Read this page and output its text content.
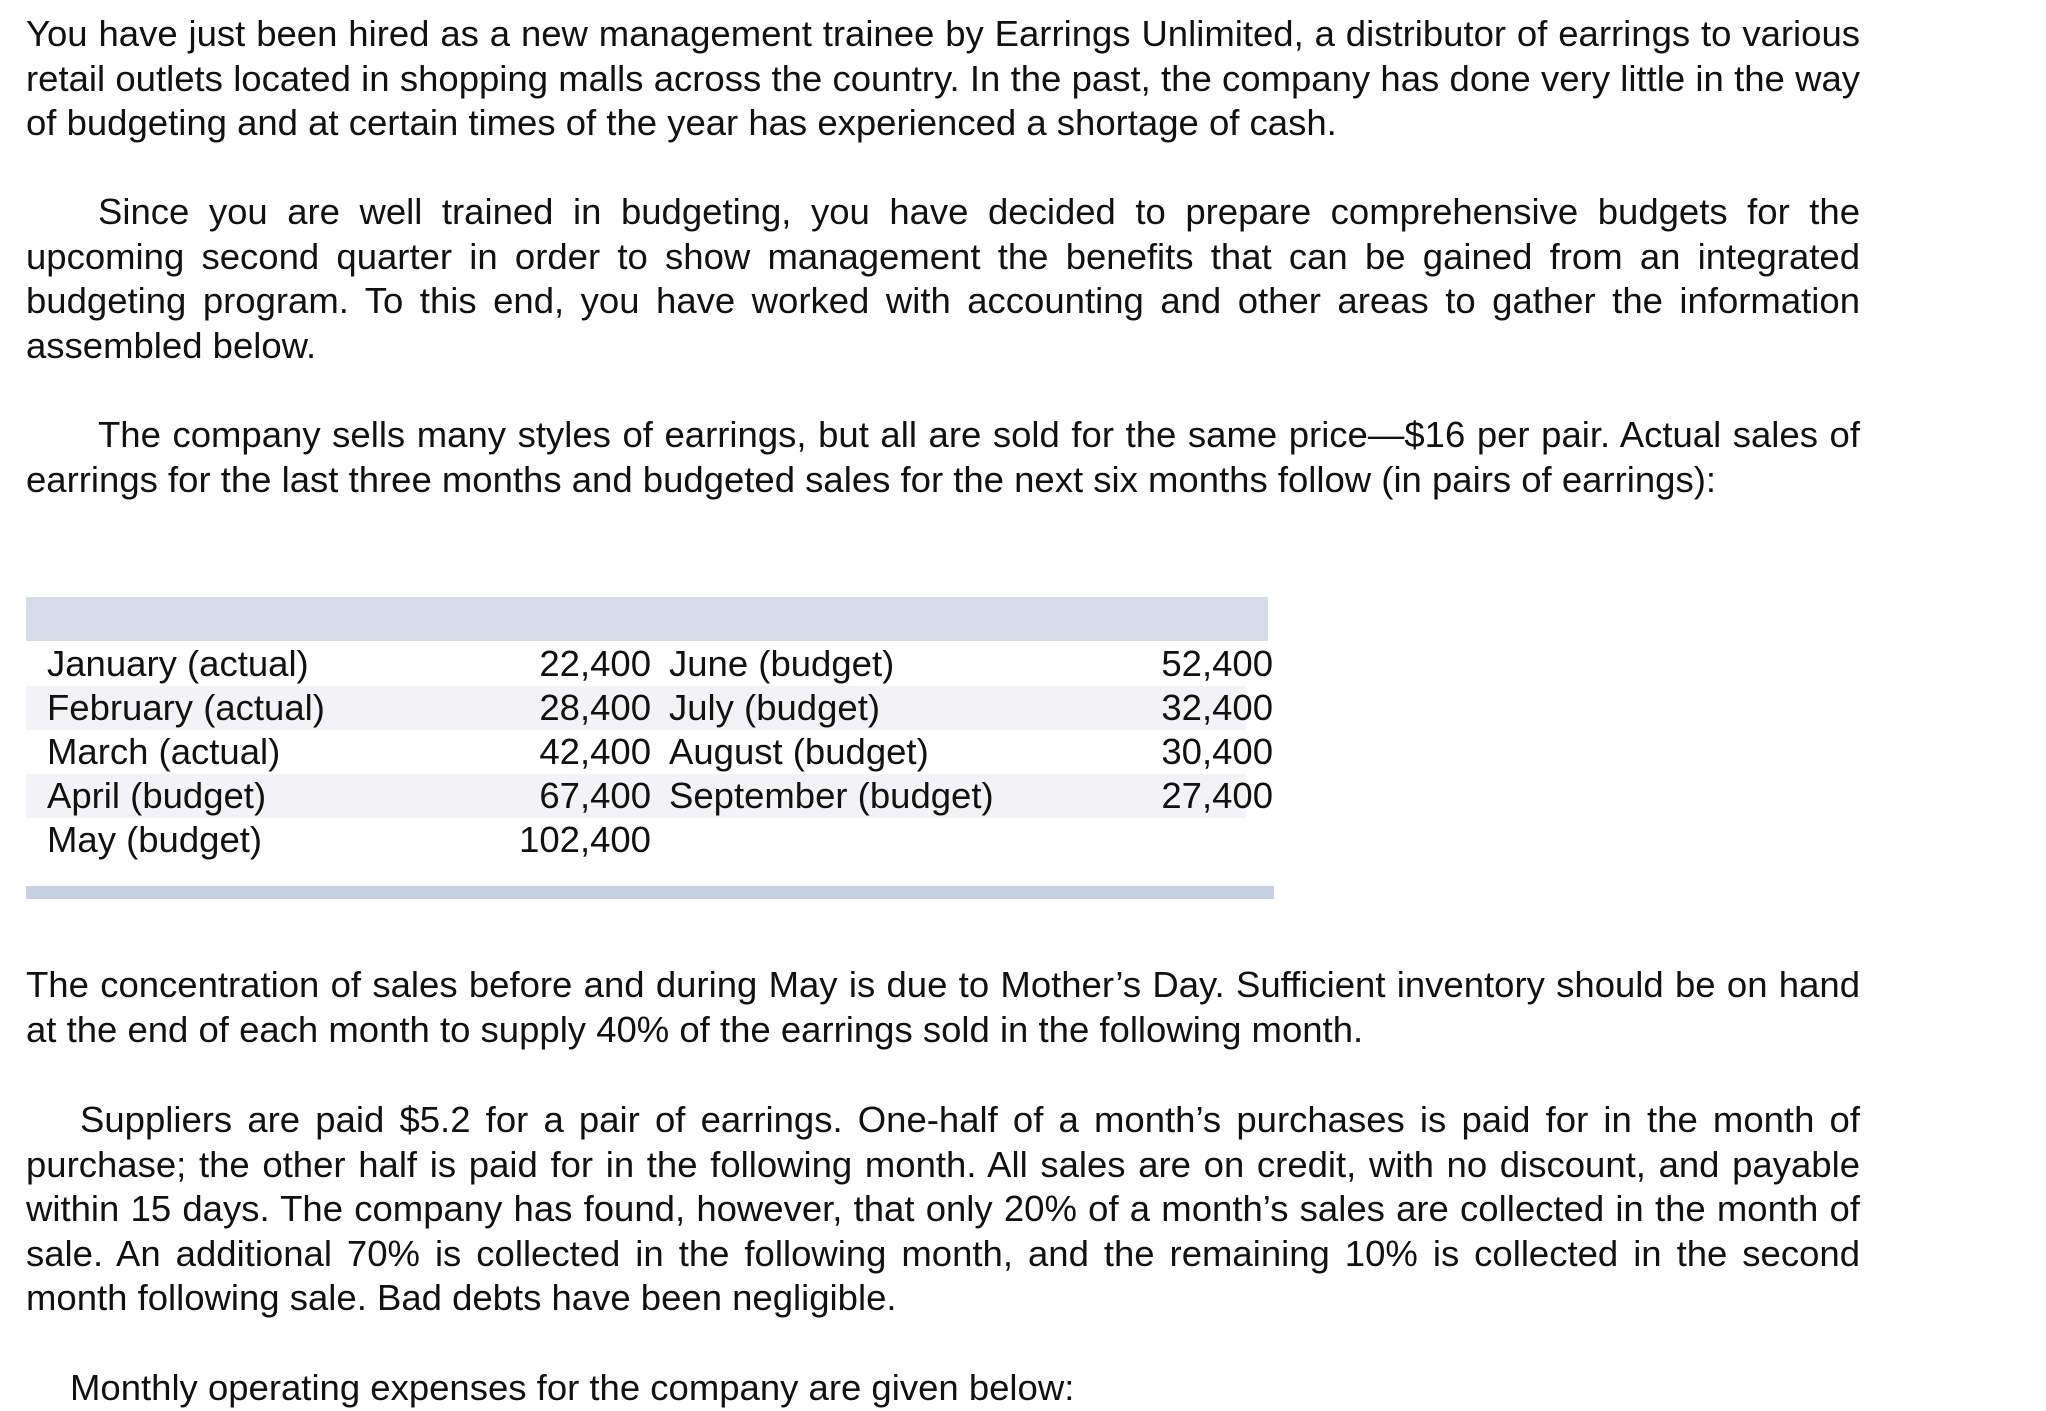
You have just been hired as a new management trainee by Earrings Unlimited, a distributor of earrings to various retail outlets located in shopping malls across the country. In the past, the company has done very little in the way of budgeting and at certain times of the year has experienced a shortage of cash.

Since you are well trained in budgeting, you have decided to prepare comprehensive budgets for the upcoming second quarter in order to show management the benefits that can be gained from an integrated budgeting program. To this end, you have worked with accounting and other areas to gather the information assembled below.

The company sells many styles of earrings, but all are sold for the same price—$16 per pair. Actual sales of earrings for the last three months and budgeted sales for the next six months follow (in pairs of earrings):

January (actual)	22,400 June (budget)	52,400
February (actual)	28,400 July (budget)	32,400
March (actual)	42,400 August (budget)	30,400
April (budget)	67,400 September (budget)	27,400
May (budget)	102,400

The concentration of sales before and during May is due to Mother’s Day. Sufficient inventory should be on hand at the end of each month to supply 40% of the earrings sold in the following month.

Suppliers are paid $5.2 for a pair of earrings. One-half of a month’s purchases is paid for in the month of purchase; the other half is paid for in the following month. All sales are on credit, with no discount, and payable within 15 days. The company has found, however, that only 20% of a month’s sales are collected in the month of sale. An additional 70% is collected in the following month, and the remaining 10% is collected in the second month following sale. Bad debts have been negligible.

Monthly operating expenses for the company are given below:
